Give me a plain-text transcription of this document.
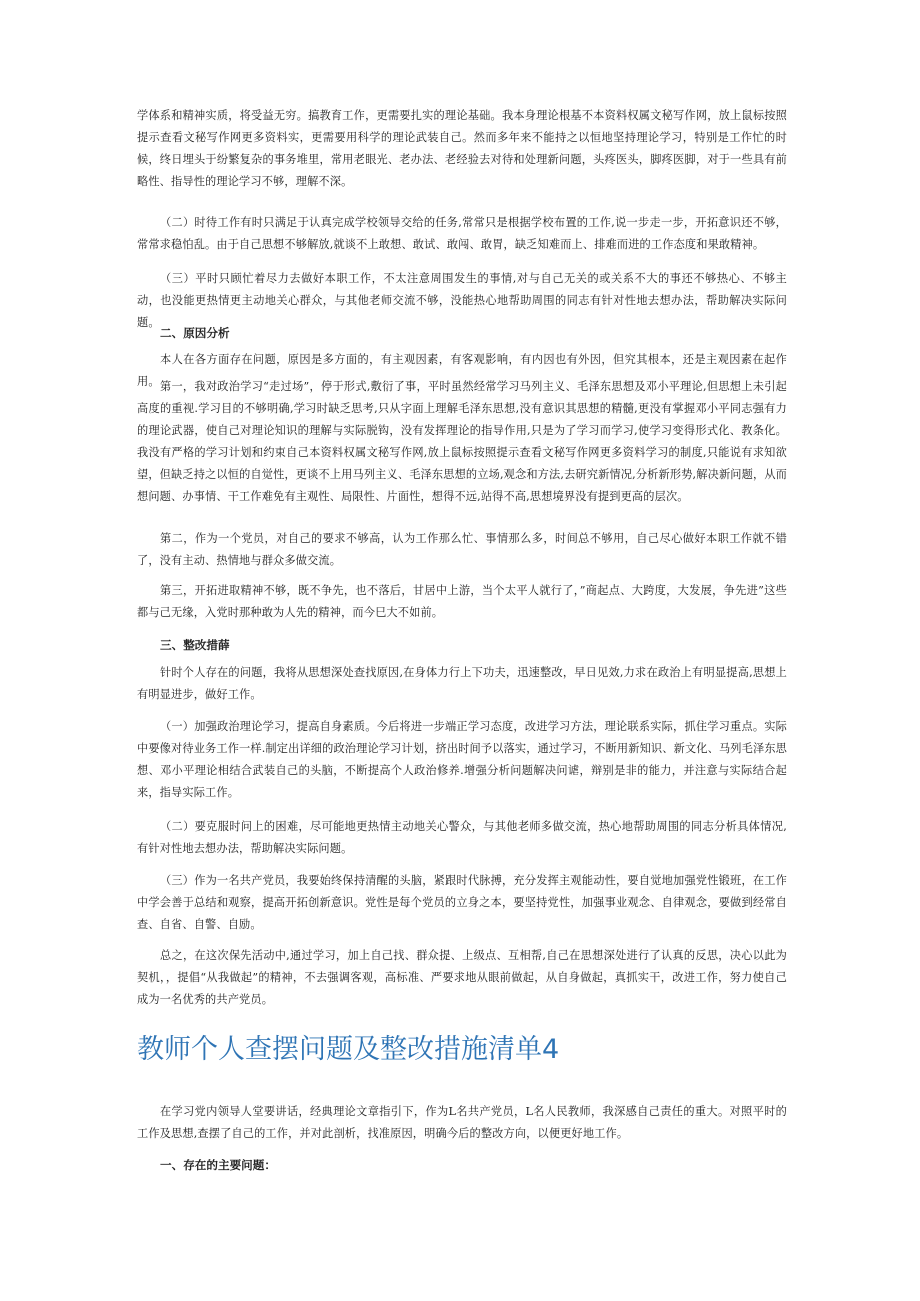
学体系和精神实质，将受益无穷。搞教育工作，更需要扎实的理论基础。我本身理论根基不本资料权属文秘写作网，放上鼠标按照提示查看文秘写作网更多资料实，更需要用科学的理论武装自己。然而多年来不能持之以恒地坚持理论学习，特别是工作忙的时候，终日埋头于纷繁复杂的事务堆里，常用老眼光、老办法、老经验去对待和处理新问题，头疼医头，脚疼医脚，对于一些具有前略性、指导性的理论学习不够，理解不深。

（二）时待工作有时只满足于认真完成学校领导交给的任务,常常只是根据学校布置的工作,说一步走一步，开拓意识还不够，常常求稳怕乱。由于自己思想不够解放,就谈不上敢想、敢试、敢闯、敢胃，缺乏知难而上、排难而进的工作态度和果敢精神。

（三）平时只顾忙着尽力去做好本职工作，不太注意周围发生的事情,对与自己无关的或关系不大的事还不够热心、不够主动，也没能更热情更主动地关心群众，与其他老师交流不够，没能热心地帮助周围的同志有针对性地去想办法，帮助解决实际问题。

二、原因分析

本人在各方面存在问题，原因是多方面的，有主观因素，有客观影响，有内因也有外因，但究其根本，还是主观因素在起作用。 第一，我对政治学习“走过场”，停于形式,敷衍了事，平时虽然经常学习马列主义、毛泽东思想及邓小平理论,但思想上未引起高度的重视.学习目的不够明确,学习时缺乏思考,只从字面上理解毛泽东思想,没有意识其思想的精髓,更没有掌握邓小平同志强有力的理论武器，使自己对理论知识的理解与实际脱钩，没有发挥理论的指导作用,只是为了学习而学习,使学习变得形式化、教条化。我没有严格的学习计划和约束自己本资料权属文秘写作网,放上鼠标按照提示查看文秘写作网更多资料学习的制度,只能说有求知欲望，但缺乏持之以恒的自觉性，更谈不上用马列主义、毛泽东思想的立场,观念和方法,去研究新情况,分析新形势,解决新问题，从而想问题、办事情、干工作难免有主观性、局限性、片面性，想得不远,站得不高,思想境界没有提到更高的层次。

第二，作为一个党员，对自己的要求不够高，认为工作那么忙、事情那么多，时间总不够用，自己尽心做好本职工作就不错了，没有主动、热情地与群众多做交流。

第三，开拓进取精神不够，既不争先，也不落后，甘居中上游，当个太平人就行了，”商起点、大跨度，大发展，争先进”这些都与己无缘，入党时那种敢为人先的精神，而今巳大不如前。

三、整改措薛

针时个人存在的问题，我将从思想深处查找原因,在身体力行上下功夫，迅速整改，早日见效,力求在政治上有明显提高,思想上有明显进步，做好工作。

（一）加强政治理论学习，提高自身素质。今后将进一步端正学习态度，改进学习方法，理论联系实际，抓住学习重点。实际中要像对待业务工作一样.制定出详细的政治理论学习计划，挤出时间予以落实，通过学习，不断用新知识、新文化、马列毛泽东思想、邓小平理论相结合武装自己的头脑，不断提高个人政治修养.增强分析问题解决问谑，辩别是非的能力，并注意与实际结合起来，指导实际工作。

（二）要克服时问上的困难，尽可能地更热情主动地关心警众，与其他老师多做交流，热心地帮助周围的同志分析具体情况,有针对性地去想办法，帮助解决实际问题。

（三）作为一名共产党员，我要始终保持清醒的头脑，紧跟时代脉搏，充分发挥主观能动性，要自觉地加强党性锻班，在工作中学会善于总结和观察，提高开拓创新意识。党性是每个党员的立身之本，要坚持党性，加强事业观念、自律观念，要做到经常自查、自省、自警、自励。

总之，在这次保先活动中,通过学习，加上自己找、群众提、上级点、互相帮,自己在思想深处进行了认真的反思，决心以此为契机，，提倡“从我做起”的精神，不去强调客观，高标准、严要求地从眼前做起，从自身做起，真抓实干，改进工作，努力使自己成为一名优秀的共产党员。

教师个人查摆问题及整改措施清单4

在学习党内领导人堂要讲话，经典理论文章指引下，作为L名共产党员，L名人民教师，我深感自己责任的重大。对照平时的工作及思想,查摆了自己的工作，并对此剖析，找准原因，明确今后的整改方向，以便更好地工作。

一、存在的主要问题：
